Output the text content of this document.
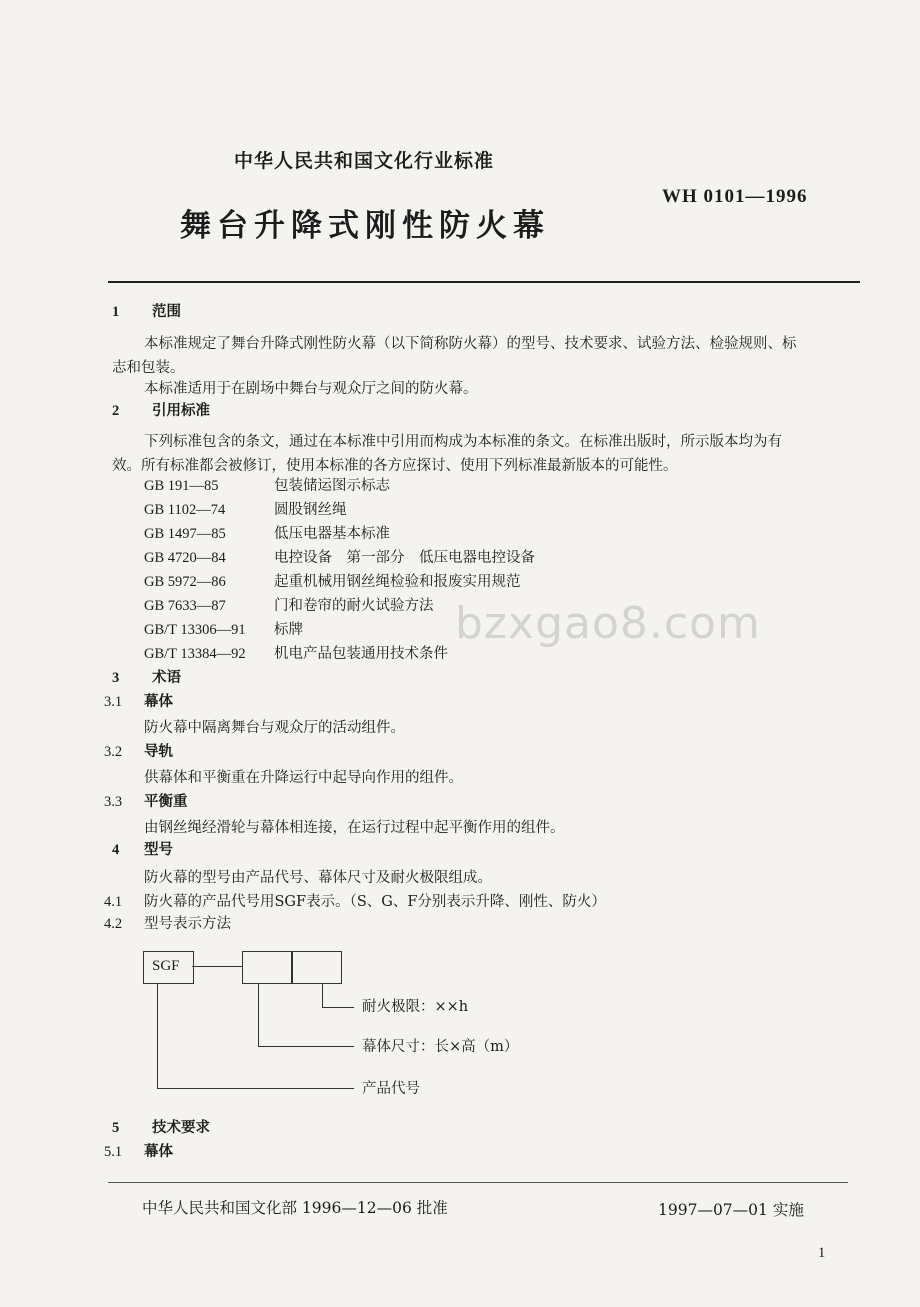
中华人民共和国文化行业标准
WH 0101—1996
舞台升降式刚性防火幕
bzxgao8.com
1 范围
本标准规定了舞台升降式刚性防火幕（以下简称防火幕）的型号、技术要求、试验方法、检验规则、标
志和包装。
本标准适用于在剧场中舞台与观众厅之间的防火幕。
2 引用标准
下列标准包含的条文，通过在本标准中引用而构成为本标准的条文。在标准出版时，所示版本均为有
效。所有标准都会被修订，使用本标准的各方应探讨、使用下列标准最新版本的可能性。
GB 191—85	包装储运图示标志
GB 1102—74	圆股钢丝绳
GB 1497—85	低压电器基本标准
GB 4720—84	电控设备　第一部分　低压电器电控设备
GB 5972—86	起重机械用钢丝绳检验和报废实用规范
GB 7633—87	门和卷帘的耐火试验方法
GB/T 13306—91 标牌
GB/T 13384—92 机电产品包装通用技术条件
3 术语
3.1 幕体
防火幕中隔离舞台与观众厅的活动组件。
3.2 导轨
供幕体和平衡重在升降运行中起导向作用的组件。
3.3 平衡重
由钢丝绳经滑轮与幕体相连接，在运行过程中起平衡作用的组件。
4 型号
防火幕的型号由产品代号、幕体尺寸及耐火极限组成。
4.1 防火幕的产品代号用SGF表示。（S、G、F分别表示升降、刚性、防火）
4.2 型号表示方法
SGF
耐火极限：××h
幕体尺寸：长×高（m）
产品代号
5 技术要求
5.1 幕体
中华人民共和国文化部 1996—12—06 批准	1997—07—01 实施
1
